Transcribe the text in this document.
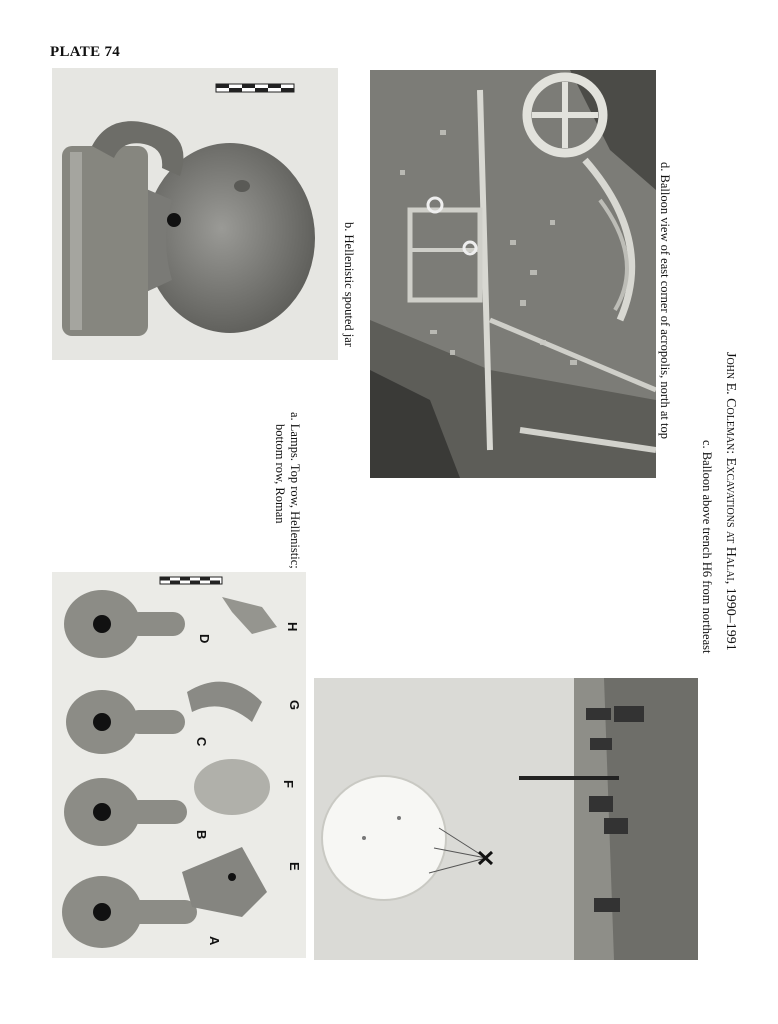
PLATE 74
A
B
C
D
E
F
G
H
a. Lamps. Top row, Hellenistic;
bottom row, Roman
b. Hellenistic spouted jar	d. Balloon view of east corner of acropolis, north at top
c. Balloon above trench H6 from northeast
John E. Coleman: Excavations at Halai, 1990–1991
